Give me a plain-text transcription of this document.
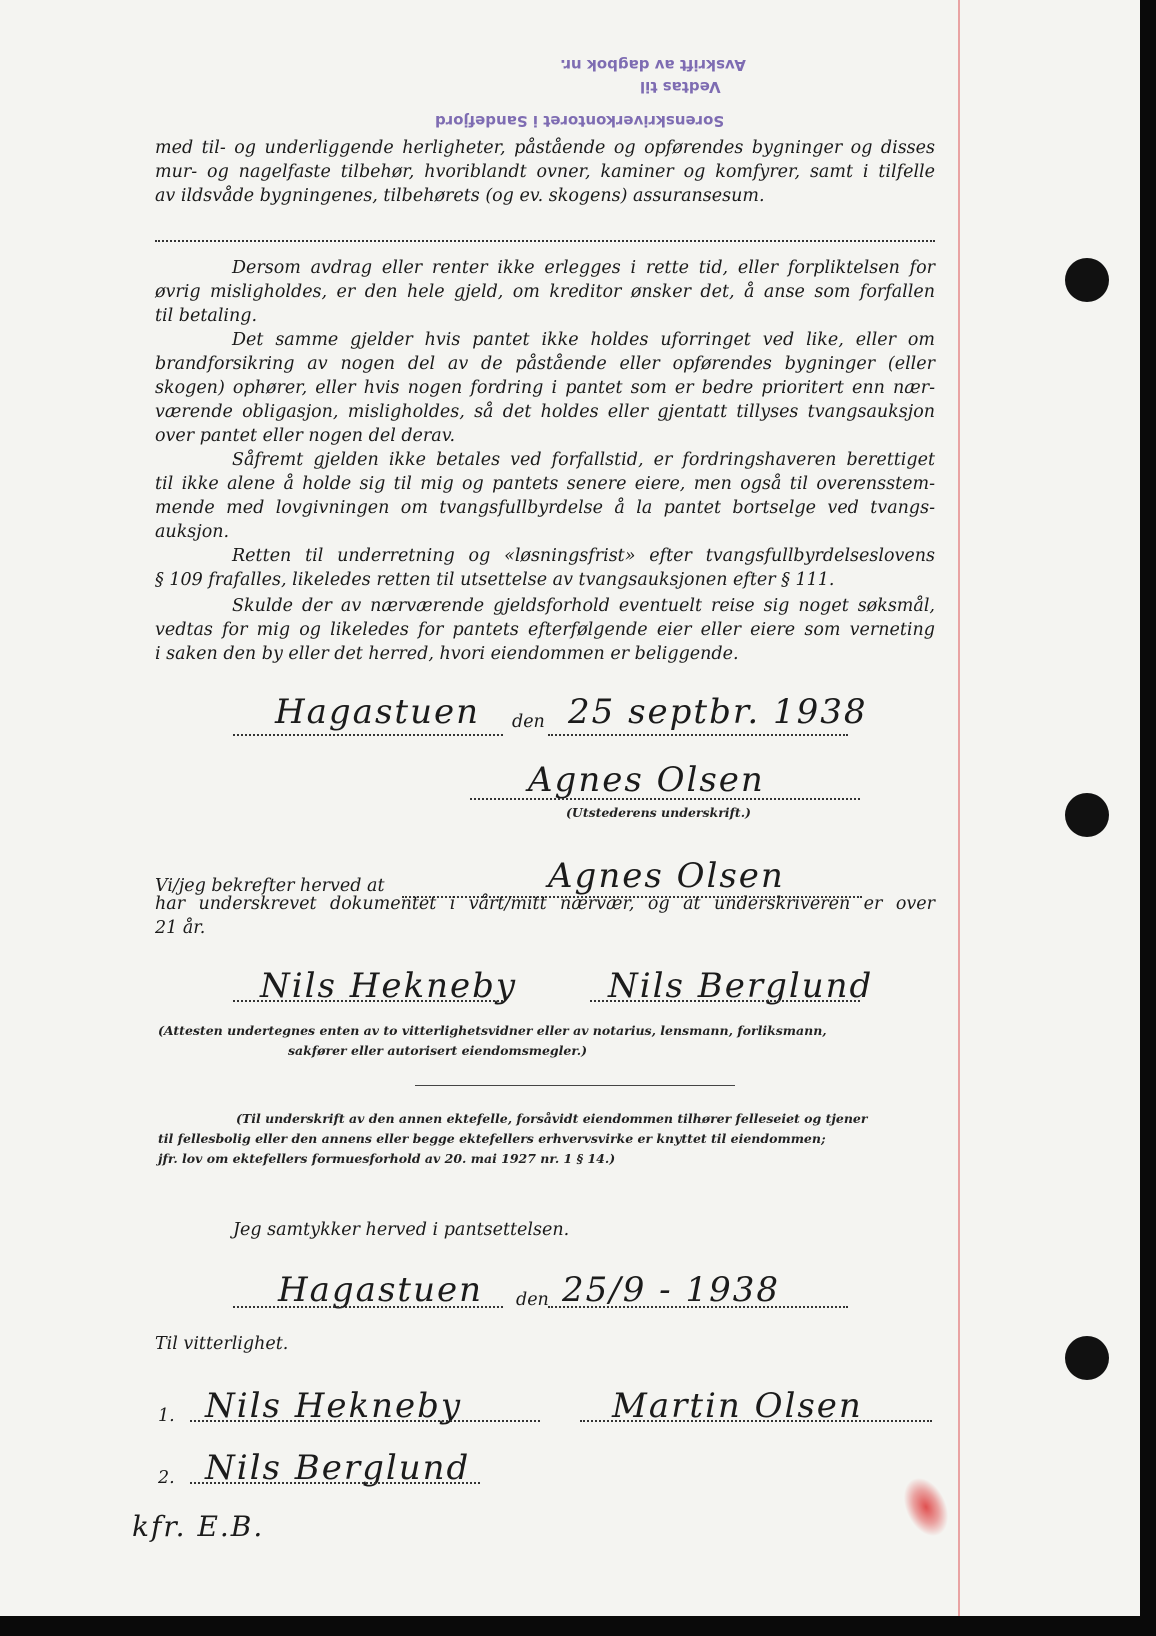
Avskrift av dagbok nr.
Vedtas til
Sorenskriverkontoret i Sandefjord
med til- og underliggende herligheter, påstående og opførendes bygninger og disses
mur- og nagelfaste tilbehør, hvoriblandt ovner, kaminer og komfyrer, samt i tilfelle
av ildsvåde bygningenes, tilbehørets (og ev. skogens) assuransesum.
Dersom avdrag eller renter ikke erlegges i rette tid, eller forpliktelsen for
øvrig misligholdes, er den hele gjeld, om kreditor ønsker det, å anse som forfallen
til betaling.
Det samme gjelder hvis pantet ikke holdes uforringet ved like, eller om
brandforsikring av nogen del av de påstående eller opførendes bygninger (eller
skogen) ophører, eller hvis nogen fordring i pantet som er bedre prioritert enn nær-
værende obligasjon, misligholdes, så det holdes eller gjentatt tillyses tvangsauksjon
over pantet eller nogen del derav.
Såfremt gjelden ikke betales ved forfallstid, er fordringshaveren berettiget
til ikke alene å holde sig til mig og pantets senere eiere, men også til overensstem-
mende med lovgivningen om tvangsfullbyrdelse å la pantet bortselge ved tvangs-
auksjon.
Retten til underretning og «løsningsfrist» efter tvangsfullbyrdelseslovens
§ 109 frafalles, likeledes retten til utsettelse av tvangsauksjonen efter § 111.
Skulde der av nærværende gjeldsforhold eventuelt reise sig noget søksmål,
vedtas for mig og likeledes for pantets efterfølgende eier eller eiere som verneting
i saken den by eller det herred, hvori eiendommen er beliggende.
Hagastuen den 25 septbr. 1938
Agnes Olsen
(Utstederens underskrift.)
Vi/jeg bekrefter herved at	Agnes Olsen
har underskrevet dokumentet i vårt/mitt nærvær, og at underskriveren er over
21 år.
Nils Hekneby	Nils Berglund
(Attesten undertegnes enten av to vitterlighetsvidner eller av notarius, lensmann, forliksmann,
sakfører eller autorisert eiendomsmegler.)
(Til underskrift av den annen ektefelle, forsåvidt eiendommen tilhører felleseiet og tjener
til fellesbolig eller den annens eller begge ektefellers erhvervsvirke er knyttet til eiendommen;
jfr. lov om ektefellers formuesforhold av 20. mai 1927 nr. 1 § 14.)
Jeg samtykker herved i pantsettelsen.
Hagastuen den 25/9 - 1938
Til vitterlighet.
1. Nils Hekneby	Martin Olsen
2. Nils Berglund
kfr. E.B.
